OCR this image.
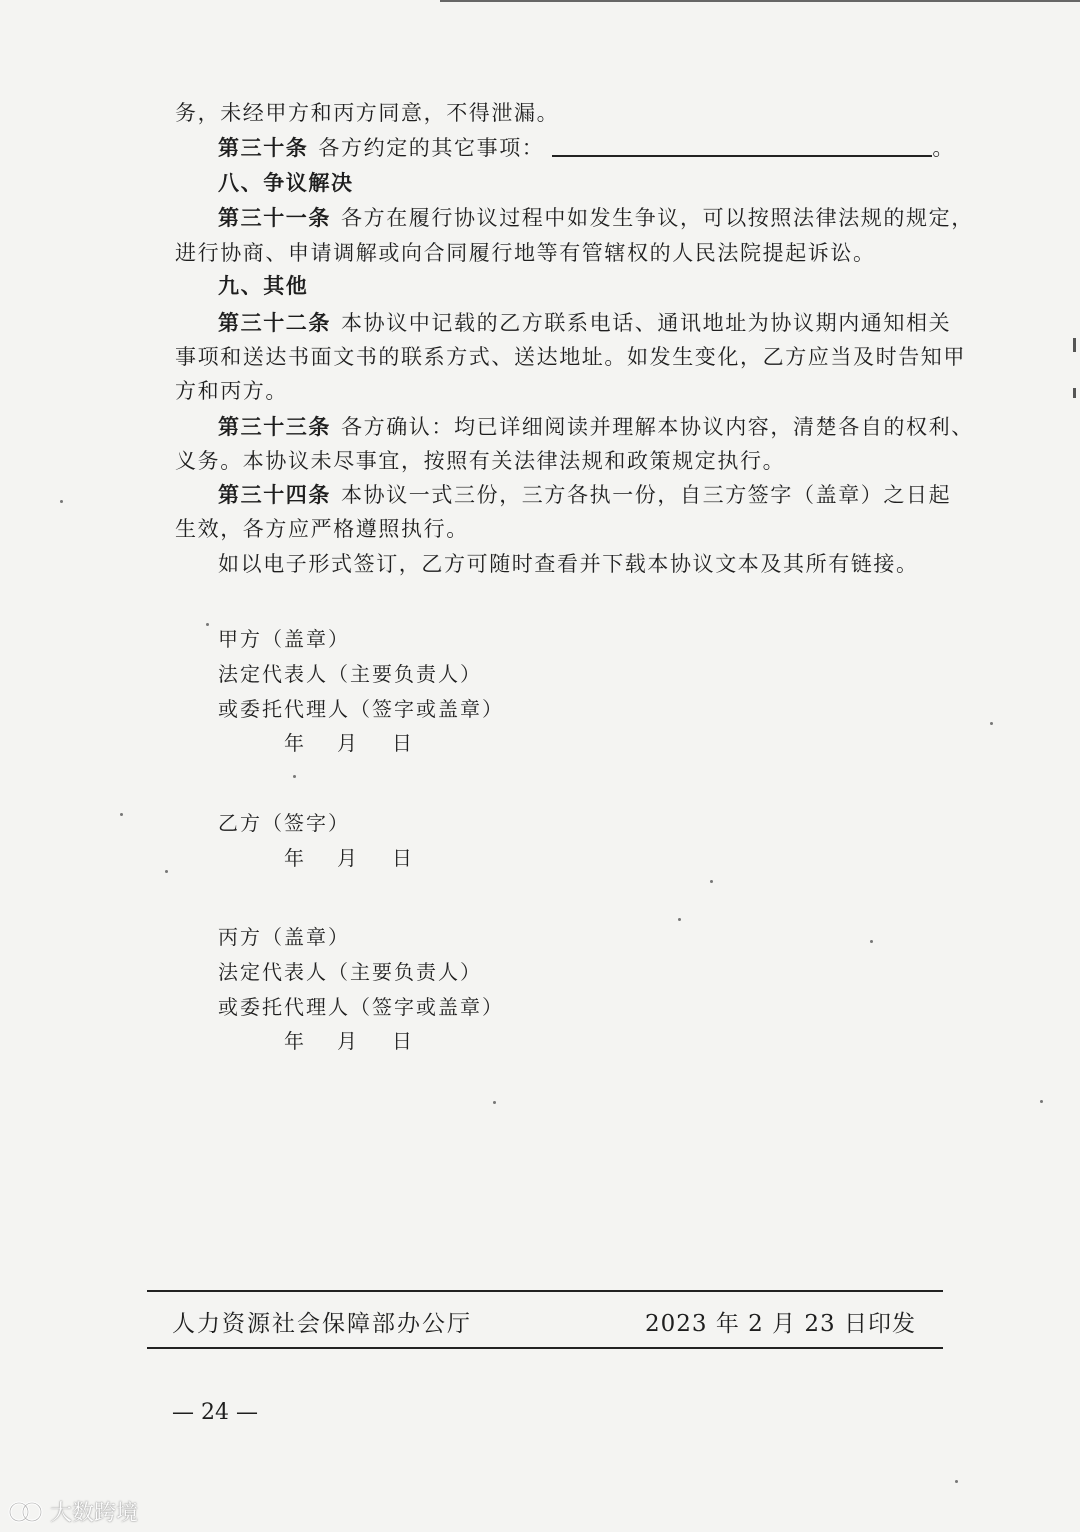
务，未经甲方和丙方同意，不得泄漏。
第三十条 各方约定的其它事项：	。
八、争议解决
第三十一条 各方在履行协议过程中如发生争议，可以按照法律法规的规定，
进行协商、申请调解或向合同履行地等有管辖权的人民法院提起诉讼。
九、其他
第三十二条 本协议中记载的乙方联系电话、通讯地址为协议期内通知相关
事项和送达书面文书的联系方式、送达地址。如发生变化，乙方应当及时告知甲
方和丙方。
第三十三条 各方确认：均已详细阅读并理解本协议内容，清楚各自的权利、
义务。本协议未尽事宜，按照有关法律法规和政策规定执行。
第三十四条 本协议一式三份，三方各执一份，自三方签字（盖章）之日起
生效，各方应严格遵照执行。
如以电子形式签订，乙方可随时查看并下载本协议文本及其所有链接。
甲方（盖章）
法定代表人（主要负责人）
或委托代理人（签字或盖章）
年 月 日
乙方（签字）
年 月 日
丙方（盖章）
法定代表人（主要负责人）
或委托代理人（签字或盖章）
年 月 日
人力资源社会保障部办公厅	2023 年 2 月 23 日印发
— 24 —
大数跨境
